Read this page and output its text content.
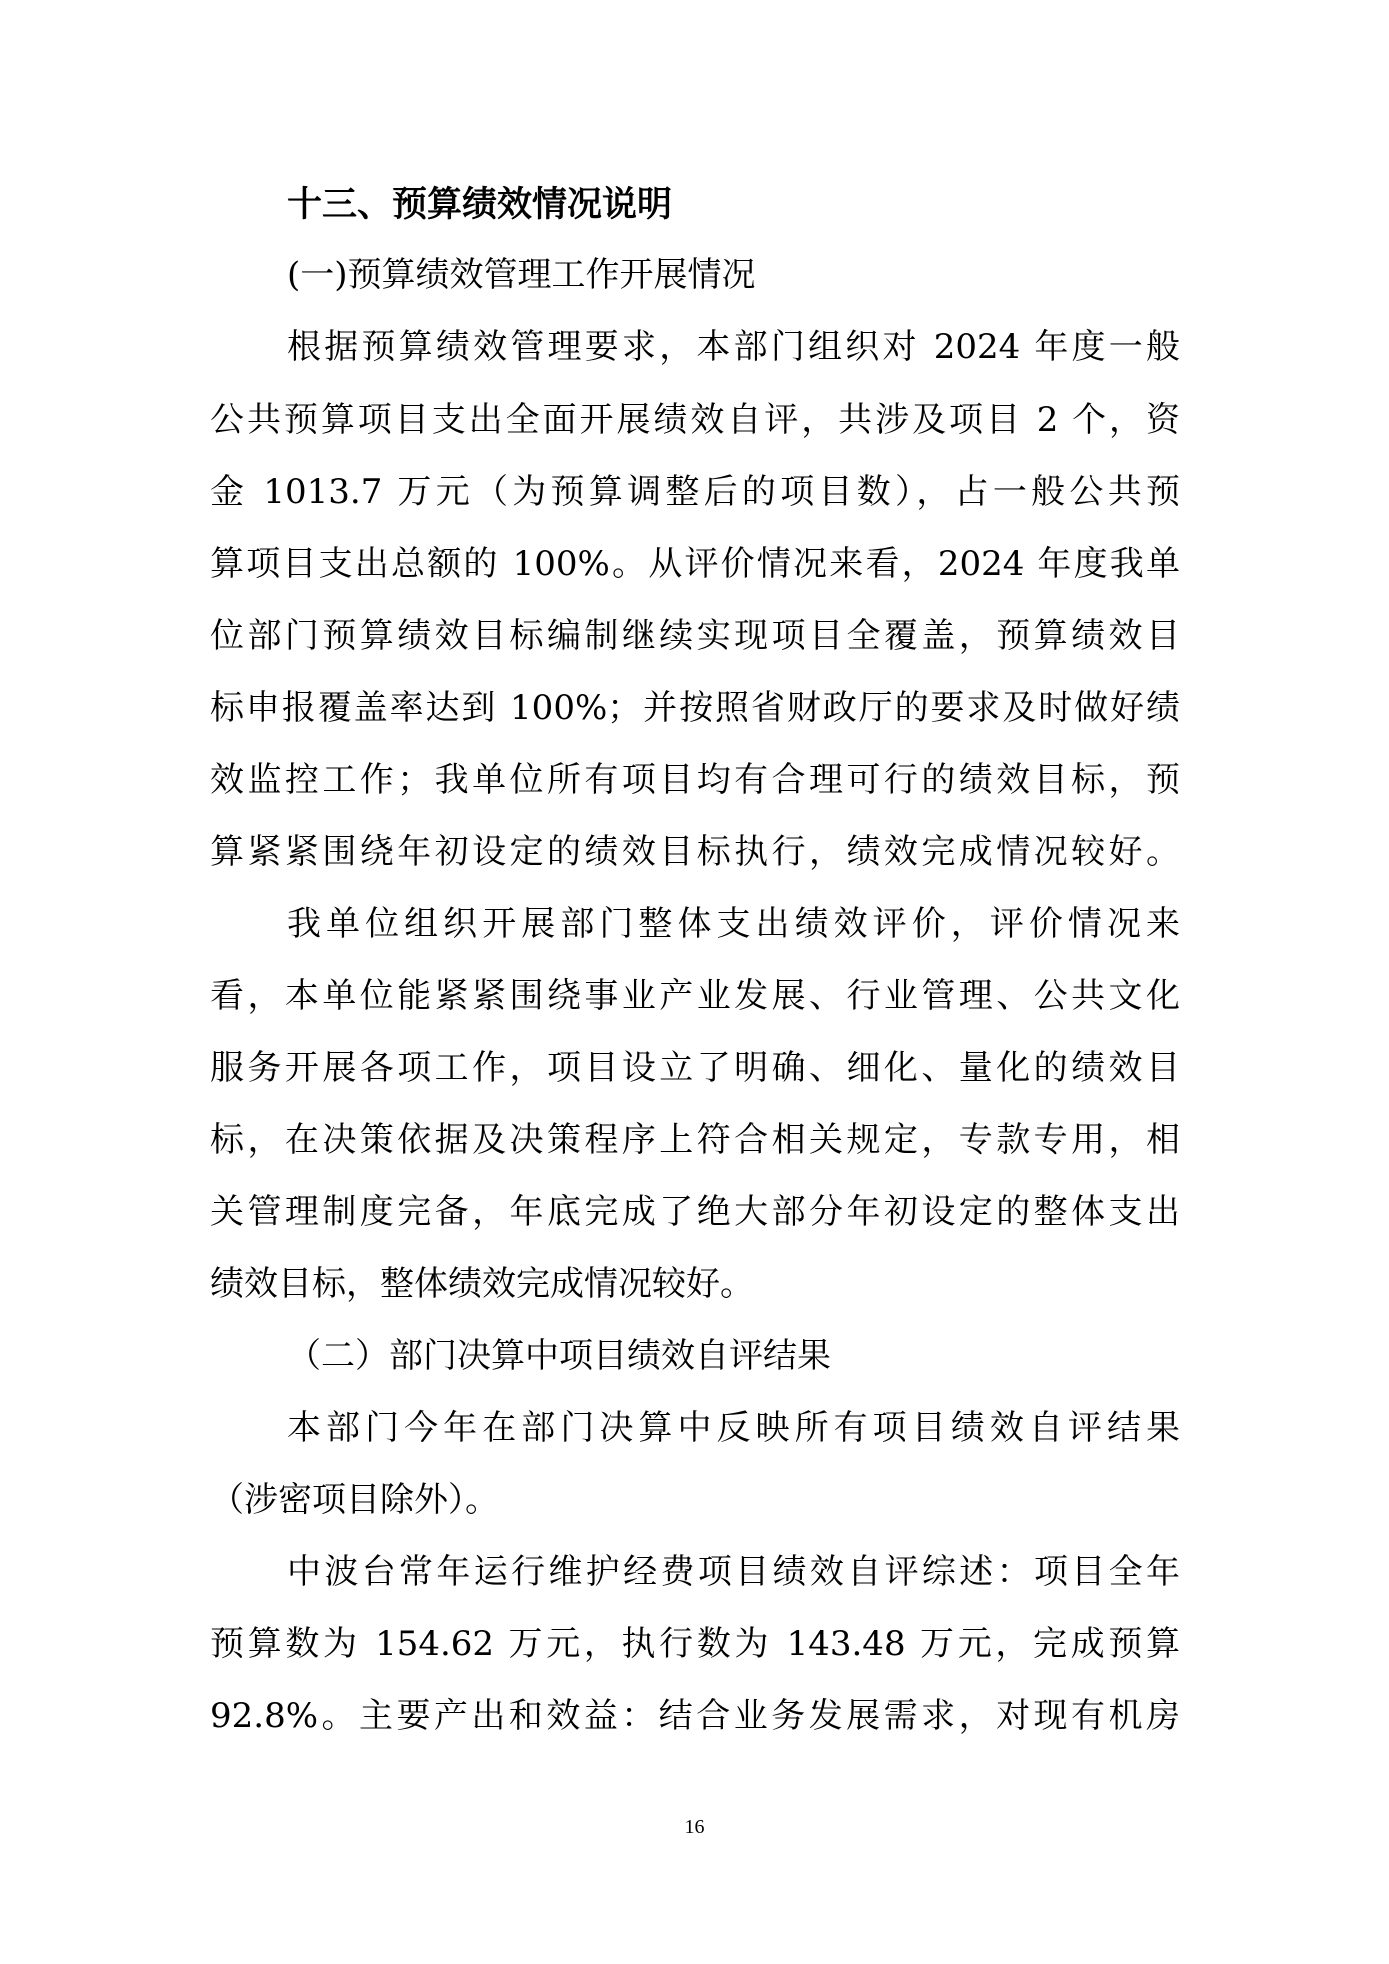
十三、预算绩效情况说明

(一)预算绩效管理工作开展情况

根据预算绩效管理要求，本部门组织对 2024 年度一般

公共预算项目支出全面开展绩效自评，共涉及项目 2 个，资

金 1013.7 万元（为预算调整后的项目数），占一般公共预

算项目支出总额的 100%。从评价情况来看，2024 年度我单

位部门预算绩效目标编制继续实现项目全覆盖，预算绩效目

标申报覆盖率达到 100%；并按照省财政厅的要求及时做好绩

效监控工作；我单位所有项目均有合理可行的绩效目标，预

算紧紧围绕年初设定的绩效目标执行，绩效完成情况较好。

我单位组织开展部门整体支出绩效评价，评价情况来

看，本单位能紧紧围绕事业产业发展、行业管理、公共文化

服务开展各项工作，项目设立了明确、细化、量化的绩效目

标，在决策依据及决策程序上符合相关规定，专款专用，相

关管理制度完备，年底完成了绝大部分年初设定的整体支出

绩效目标，整体绩效完成情况较好。

（二）部门决算中项目绩效自评结果

本部门今年在部门决算中反映所有项目绩效自评结果

（涉密项目除外）。

中波台常年运行维护经费项目绩效自评综述：项目全年

预算数为 154.62 万元，执行数为 143.48 万元，完成预算

92.8%。主要产出和效益：结合业务发展需求，对现有机房

16
